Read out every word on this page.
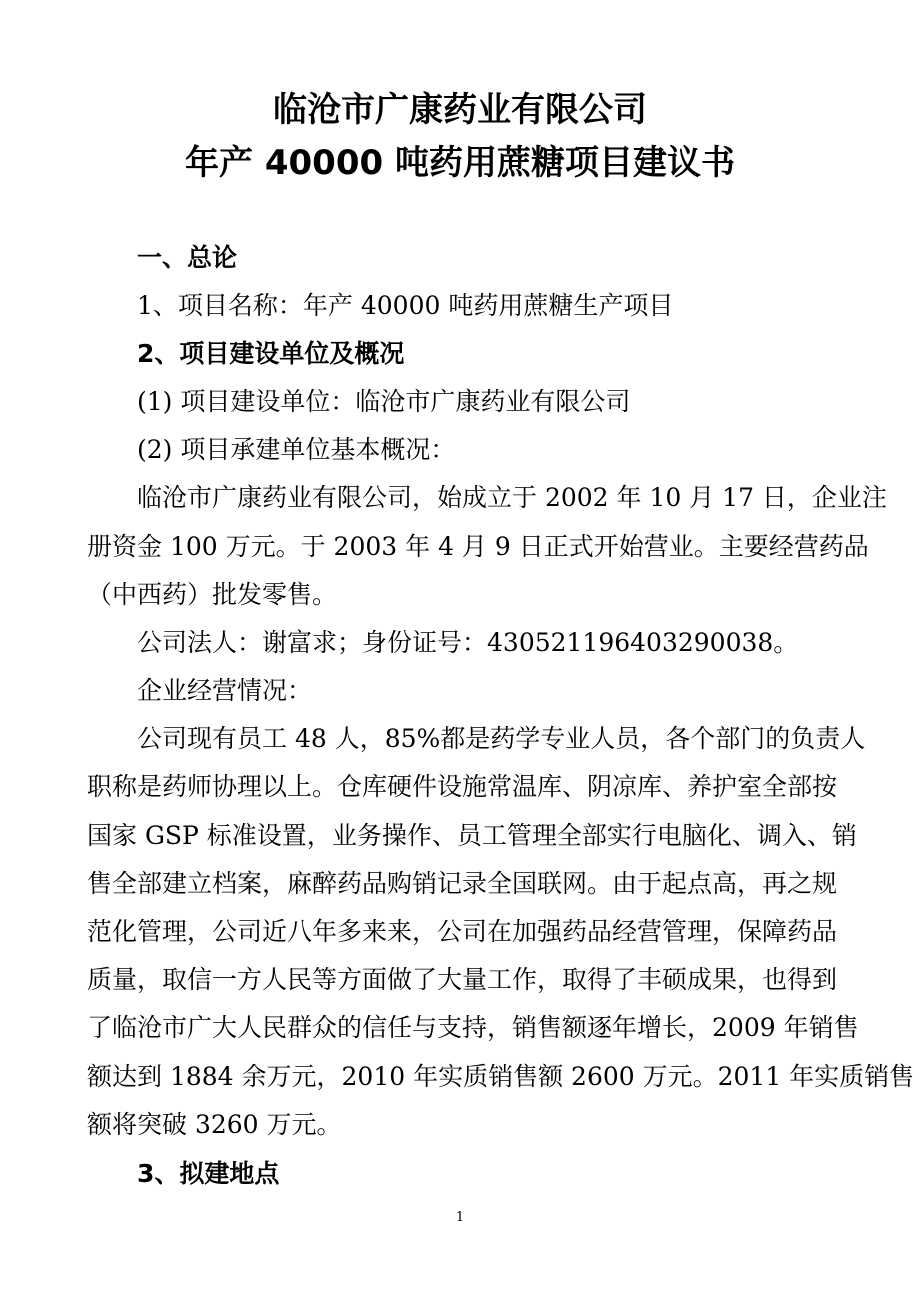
临沧市广康药业有限公司
年产 40000 吨药用蔗糖项目建议书
一、总论
1、项目名称：年产 40000 吨药用蔗糖生产项目
2、项目建设单位及概况
(1) 项目建设单位：临沧市广康药业有限公司
(2) 项目承建单位基本概况：
临沧市广康药业有限公司，始成立于 2002 年 10 月 17 日，企业注
册资金 100 万元。于 2003 年 4 月 9 日正式开始营业。主要经营药品
（中西药）批发零售。
公司法人：谢富求；身份证号：430521196403290038。
企业经营情况：
公司现有员工 48 人，85%都是药学专业人员，各个部门的负责人
职称是药师协理以上。仓库硬件设施常温库、阴凉库、养护室全部按
国家 GSP 标准设置，业务操作、员工管理全部实行电脑化、调入、销
售全部建立档案，麻醉药品购销记录全国联网。由于起点高，再之规
范化管理，公司近八年多来来，公司在加强药品经营管理，保障药品
质量，取信一方人民等方面做了大量工作，取得了丰硕成果，也得到
了临沧市广大人民群众的信任与支持，销售额逐年增长，2009 年销售
额达到 1884 余万元，2010 年实质销售额 2600 万元。2011 年实质销售
额将突破 3260 万元。
3、拟建地点
1
